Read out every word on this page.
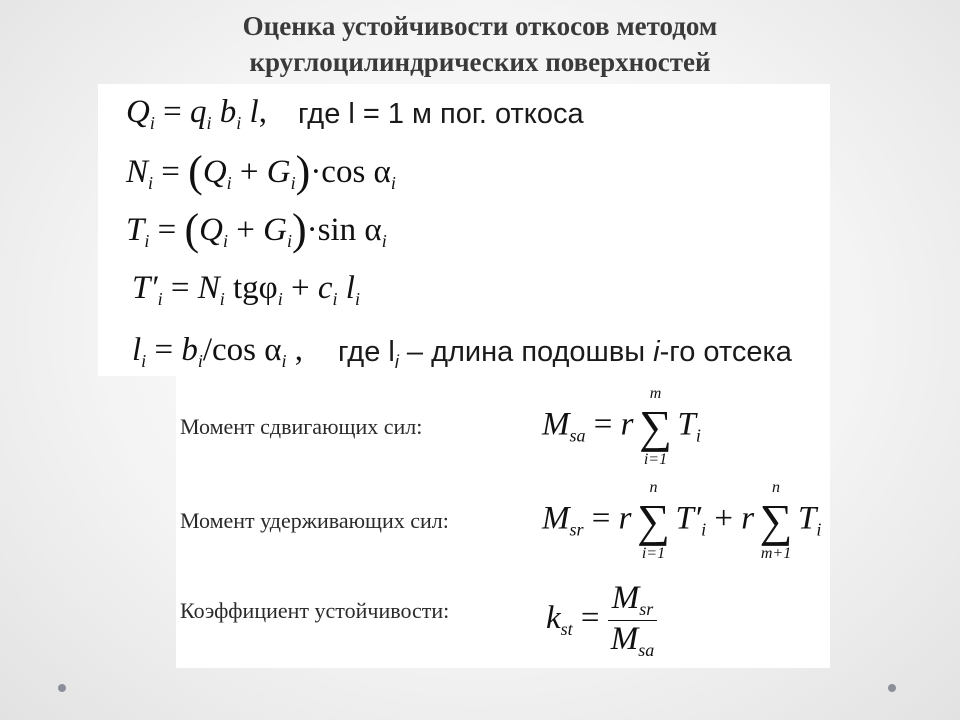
Оценка устойчивости откосов методом
круглоцилиндрических поверхностей
$Q_i = q_i$ $b_i$ l, где l = 1 м пог. откоса
$N_i = (Q_i + G_i)\cdot\cos$ $\alpha_i$
$T_i = (Q_i + G_i)\cdot\sin$ $\alpha_i$
$T'_i = N_i$ $tg\varphi_i + c_i$ $l_i$
$l_i = b_i/\cos$ $\alpha_i$ , где $l_i$ – длина подошвы i-го отсека
Момент сдвигающих сил:	$M_{sa} = r$
m
∑
i=1
$T_i$
Момент удерживающих сил:	$M_{sr} = r$
n
∑
i=1
$T'_i + r$
n
∑
m+1
$T_i$
Коэффициент устойчивости:	$k_{st} = \frac{M_{sr}}{M_{sa}}$
